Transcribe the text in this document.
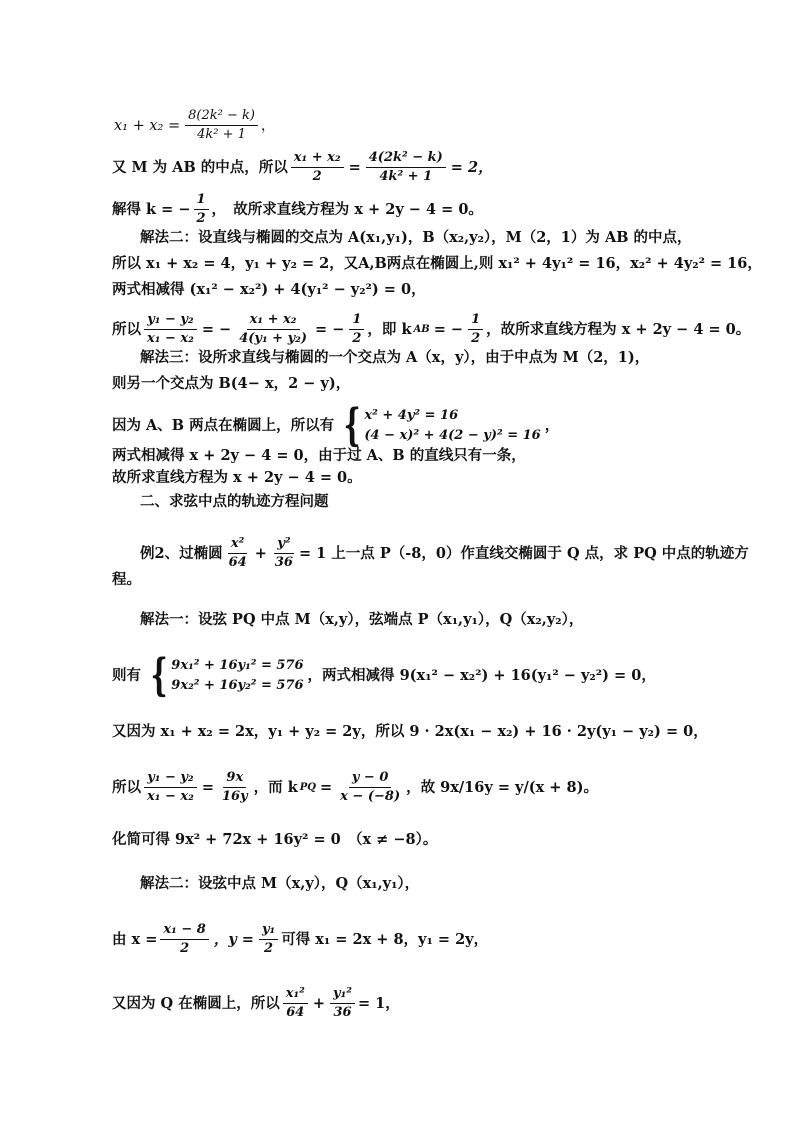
$x_1 + x_2 = \frac{\text{8(2k² − k)}}{\text{4k² + 1}}$ ，
又 M 为 AB 的中点，所以 $\frac{\text{x₁ + x₂}}{2} = \frac{\text{4(2k² − k)}}{\text{4k² + 1}} = 2$，
解得 k = − $\frac{1}{2}$ ，　故所求直线方程为 x + 2y − 4 = 0。
解法二：设直线与椭圆的交点为 A(x₁,y₁)，B（x₂,y₂），M（2，1）为 AB 的中点，
所以 x₁ + x₂ = 4，y₁ + y₂ = 2，又A,B两点在椭圆上,则 x₁² + 4y₁² = 16，x₂² + 4y₂² = 16，
两式相减得 (x₁² − x₂²) + 4(y₁² − y₂²) = 0，
所以 $\frac{\text{y₁ − y₂}}{\text{x₁ − x₂}}$ = − $\frac{\text{x₁ + x₂}}{\text{4(y₁ + y₂)}}$ = − $\frac{1}{2}$ ，即 k AB = − $\frac{1}{2}$ ，故所求直线方程为 x + 2y − 4 = 0。
解法三：设所求直线与椭圆的一个交点为 A（x，y），由于中点为 M（2，1)，
则另一个交点为 B(4− x，2 − y)，
因为 A、B 两点在椭圆上，所以有 { x² + 4y² = 16
(4 − x)² + 4(2 − y)² = 16
，
两式相减得 x + 2y − 4 = 0，由于过 A、B 的直线只有一条，
故所求直线方程为 x + 2y − 4 = 0。
二、求弦中点的轨迹方程问题
例2、过椭圆 $\frac{\text{x²}}{64} + \frac{\text{y²}}{36} = 1$ 上一点 P（-8，0）作直线交椭圆于 Q 点，求 PQ 中点的轨迹方
程。
解法一：设弦 PQ 中点 M（x,y），弦端点 P（x₁,y₁），Q（x₂,y₂），
则有 { 9x₁² + 16y₁² = 576
9x₂² + 16y₂² = 576
，两式相减得 9(x₁² − x₂²) + 16(y₁² − y₂²) = 0，
又因为 x₁ + x₂ = 2x，y₁ + y₂ = 2y，所以 9 · 2x(x₁ − x₂) + 16 · 2y(y₁ − y₂) = 0，
所以 $\frac{\text{y₁ − y₂}}{\text{x₁ − x₂}} = \frac{9x}{16y}$ ，而 k PQ = $\frac{y - 0}{x - (-8)}$ ，故 9x/16y = y/(x + 8)。
化简可得 9x² + 72x + 16y² = 0　（x ≠ −8）。
解法二：设弦中点 M（x,y），Q（x₁,y₁），
由 $x = \frac{\text{x₁ − 8}}{2}$ ，$y = \frac{\text{y₁}}{2}$ 可得 x₁ = 2x + 8，y₁ = 2y，
又因为 Q 在椭圆上，所以 $\frac{\text{x₁²}}{64} + \frac{\text{y₁²}}{36} = 1$，
